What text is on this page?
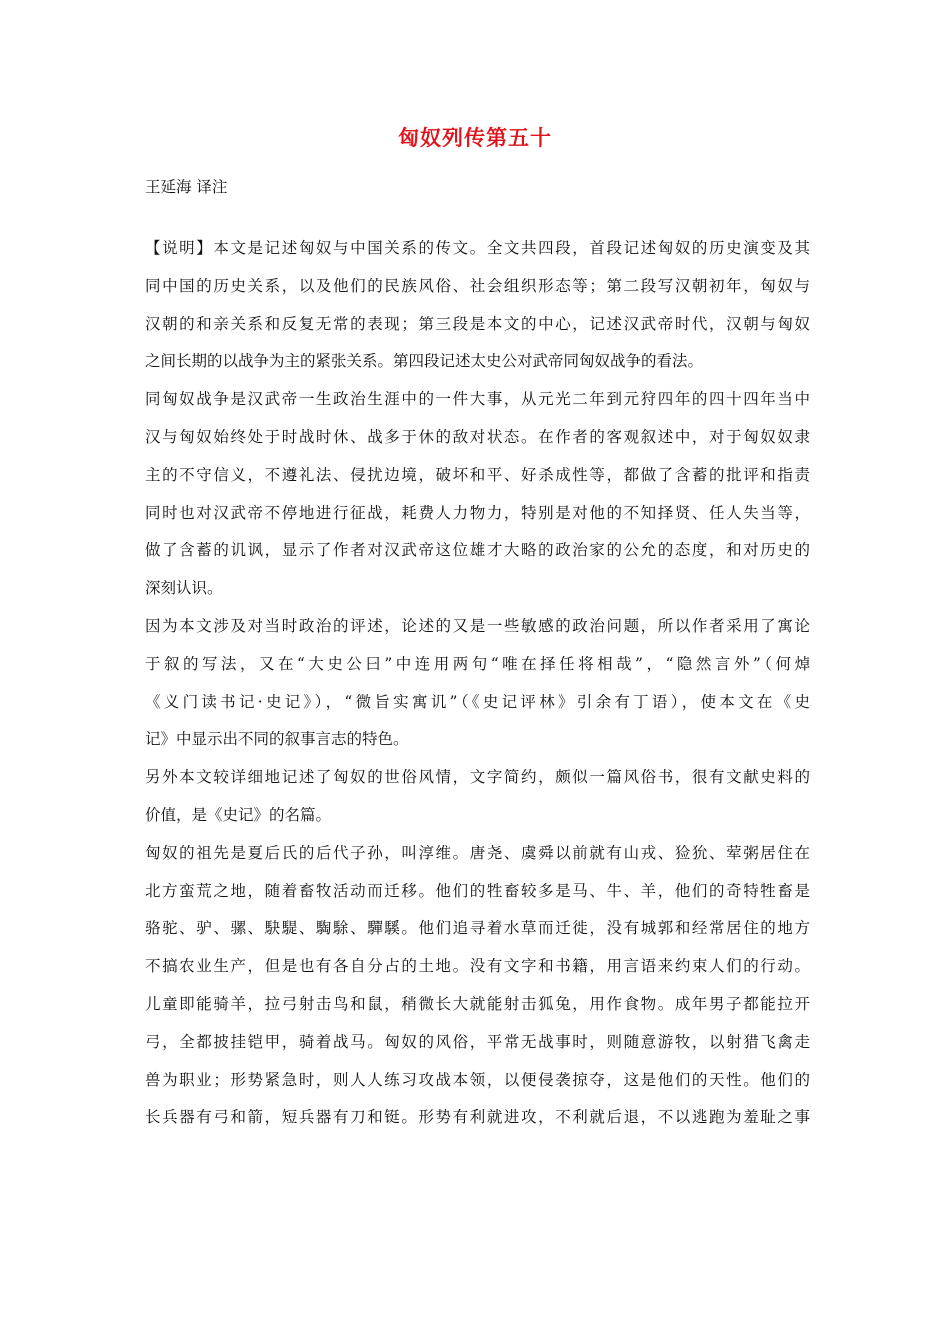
匈奴列传第五十
王延海 译注
【说明】本文是记述匈奴与中国关系的传文。全文共四段，首段记述匈奴的历史演变及其
同中国的历史关系，以及他们的民族风俗、社会组织形态等；第二段写汉朝初年，匈奴与
汉朝的和亲关系和反复无常的表现；第三段是本文的中心，记述汉武帝时代，汉朝与匈奴
之间长期的以战争为主的紧张关系。第四段记述太史公对武帝同匈奴战争的看法。
同匈奴战争是汉武帝一生政治生涯中的一件大事，从元光二年到元狩四年的四十四年当中
汉与匈奴始终处于时战时休、战多于休的敌对状态。在作者的客观叙述中，对于匈奴奴隶
主的不守信义，不遵礼法、侵扰边境，破坏和平、好杀成性等，都做了含蓄的批评和指责
同时也对汉武帝不停地进行征战，耗费人力物力，特别是对他的不知择贤、任人失当等，
做了含蓄的讥讽，显示了作者对汉武帝这位雄才大略的政治家的公允的态度，和对历史的
深刻认识。
因为本文涉及对当时政治的评述，论述的又是一些敏感的政治问题，所以作者采用了寓论
于叙的写法，又在“大史公曰”中连用两句“唯在择任将相哉”，“隐然言外”（何焯
《义门读书记·史记》），“微旨实寓讥”（《史记评林》引余有丁语），使本文在《史
记》中显示出不同的叙事言志的特色。
另外本文较详细地记述了匈奴的世俗风情，文字简约，颇似一篇风俗书，很有文献史料的
价值，是《史记》的名篇。
匈奴的祖先是夏后氏的后代子孙，叫淳维。唐尧、虞舜以前就有山戎、猃狁、荤粥居住在
北方蛮荒之地，随着畜牧活动而迁移。他们的牲畜较多是马、牛、羊，他们的奇特牲畜是
骆驼、驴、骡、駃騠、騊駼、驒騱。他们追寻着水草而迁徙，没有城郭和经常居住的地方
不搞农业生产，但是也有各自分占的土地。没有文字和书籍，用言语来约束人们的行动。
儿童即能骑羊，拉弓射击鸟和鼠，稍微长大就能射击狐兔，用作食物。成年男子都能拉开
弓，全都披挂铠甲，骑着战马。匈奴的风俗，平常无战事时，则随意游牧，以射猎飞禽走
兽为职业；形势紧急时，则人人练习攻战本领，以便侵袭掠夺，这是他们的天性。他们的
长兵器有弓和箭，短兵器有刀和铤。形势有利就进攻，不利就后退，不以逃跑为羞耻之事
